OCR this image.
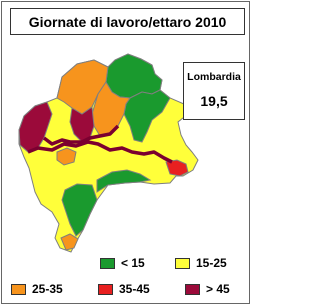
Giornate di lavoro/ettaro 2010
Lombardia
19,5
< 15	15-25
25-35	35-45	> 45
